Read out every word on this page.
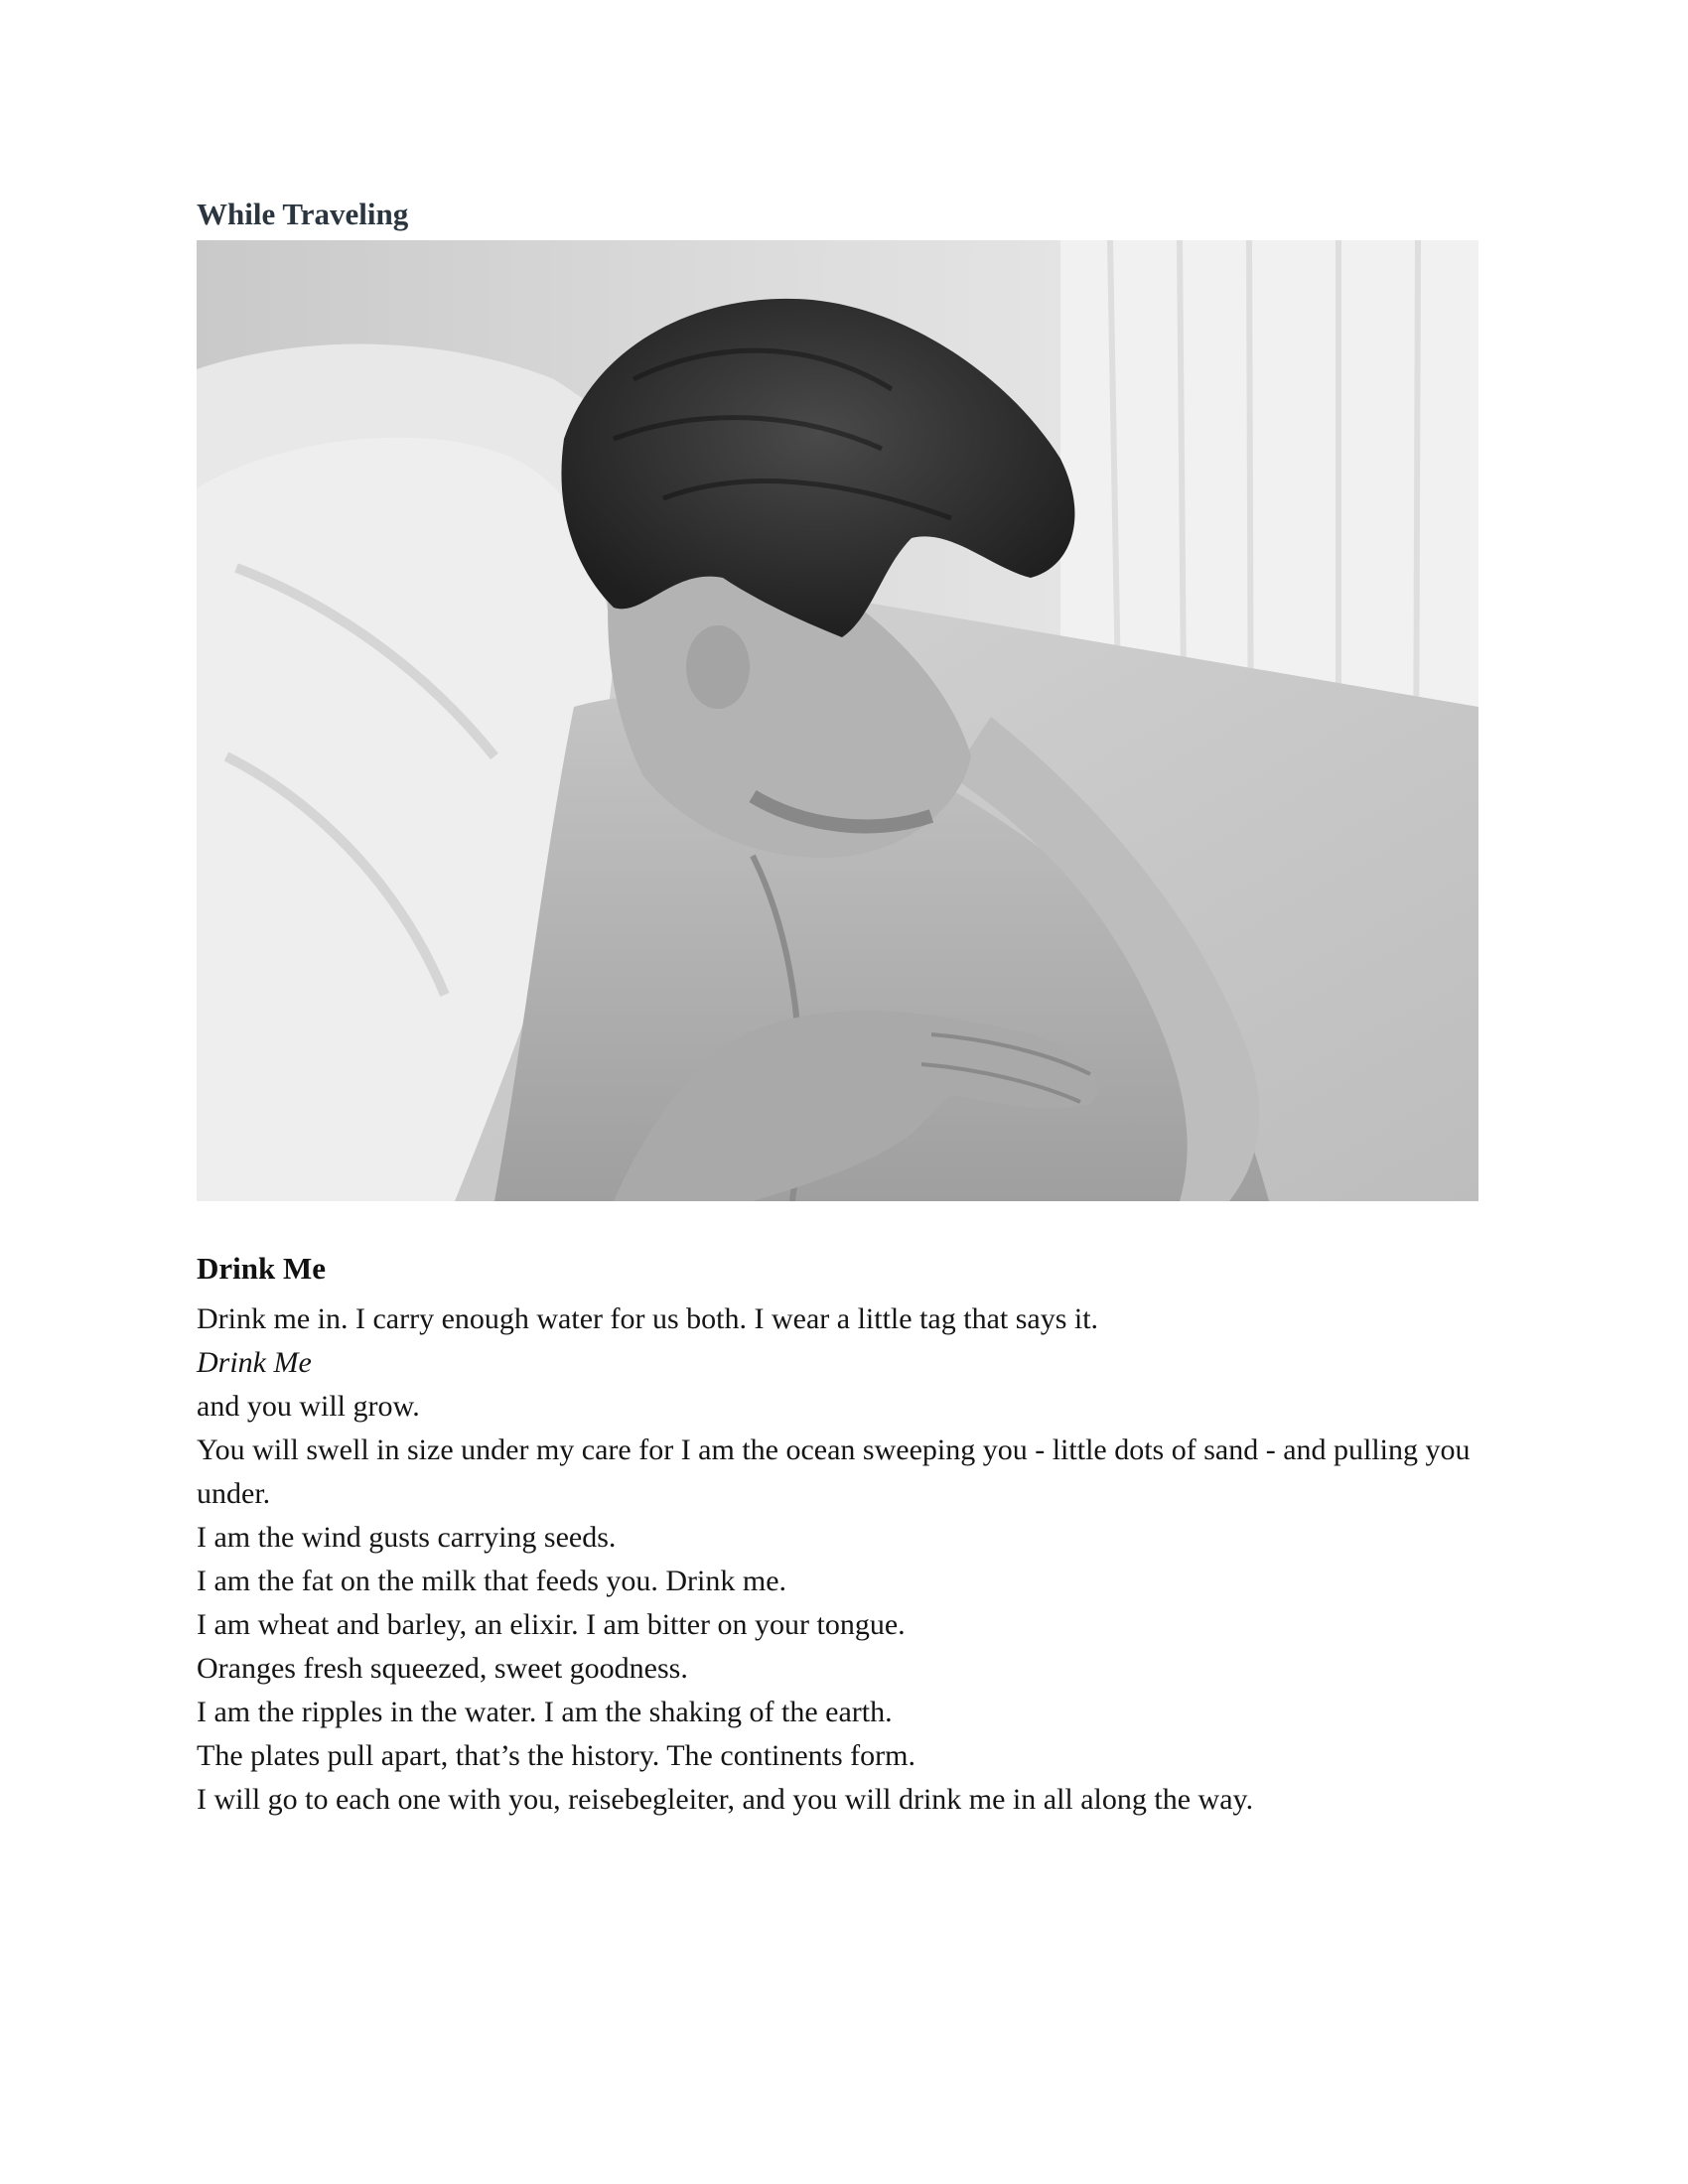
While Traveling
Drink Me
Drink me in. I carry enough water for us both. I wear a little tag that says it.
Drink Me
and you will grow.
You will swell in size under my care for I am the ocean sweeping you - little dots of sand - and pulling you under.
I am the wind gusts carrying seeds.
I am the fat on the milk that feeds you. Drink me.
I am wheat and barley, an elixir. I am bitter on your tongue.
Oranges fresh squeezed, sweet goodness.
I am the ripples in the water. I am the shaking of the earth.
The plates pull apart, that’s the history. The continents form.
I will go to each one with you, reisebegleiter, and you will drink me in all along the way.
